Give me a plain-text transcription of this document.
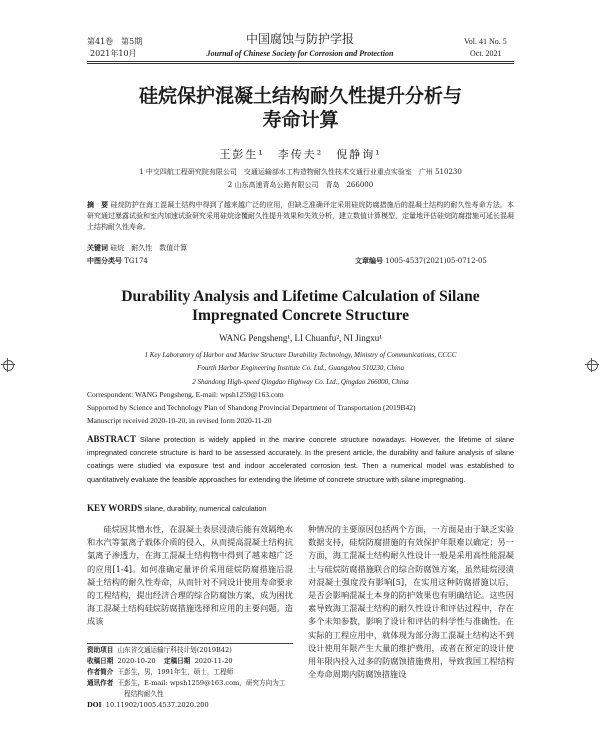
第41卷　第5期
2021年10月
中国腐蚀与防护学报
Journal of Chinese Society for Corrosion and Protection
Vol. 41 No. 5
Oct. 2021
硅烷保护混凝土结构耐久性提升分析与
寿命计算
王彭生¹　李传夫²　倪静询¹
1 中交四航工程研究院有限公司　交通运输部水工构造物耐久性技术交通行业重点实验室　广州 510230
2 山东高速青岛公路有限公司　青岛　266000
摘　要 硅烷防护在海工混凝土结构中得到了越来越广泛的应用，但缺乏准确评定采用硅烷防腐措施后的混凝土结构的耐久性寿命方法。本研究通过暴露试验和室内加速试验研究采用硅烷涂覆耐久性提升效果和失效分析，建立数值计算模型，定量地评估硅烷防腐措施可延长混凝土结构耐久性寿命。
关键词 硅烷　耐久性　数值计算
中图分类号 TG174	文章编号 1005-4537(2021)05-0712-05
Durability Analysis and Lifetime Calculation of Silane
Impregnated Concrete Structure
WANG Pengsheng¹, LI Chuanfu², NI Jingxu¹
1 Key Laboratory of Harbor and Marine Structure Durability Technology, Ministry of Communications, CCCC
Fourth Harbor Engineering Institute Co. Ltd., Guangzhou 510230, China
2 Shandong High-speed Qingdao Highway Co. Ltd., Qingdao 266000, China
Correspondent: WANG Pengsheng, E-mail: wpsh1259@163.com
Supported by Science and Technology Plan of Shandong Provincial Department of Transportation (2019B42)
Manuscript received 2020-10-20, in revised form 2020-11-20
ABSTRACT Silane protection is widely applied in the marine concrete structure nowadays. However, the lifetime of silane impregnated concrete structure is hard to be assessed accurately. In the present article, the durability and failure analysis of silane coatings were studied via exposure test and indoor accelerated corrosion test. Then a numerical model was established to quantitatively evaluate the feasible approaches for extending the lifetime of concrete structure with silane impregnating.
KEY WORDS silane, durability, numerical calculation
硅烷因其憎水性，在混凝土表层浸渍后能有效隔绝水和水汽等氯离子载体介质的侵入，从而提高混凝土结构抗氯离子渗透力，在海工混凝土结构物中得到了越来越广泛的应用[1-4]。如何准确定量评价采用硅烷防腐措施后混凝土结构的耐久性寿命，从而针对不同设计使用寿命要求的工程结构，提出经济合理的综合防腐蚀方案，成为困扰海工混凝土结构硅烷防腐措施选择和应用的主要问题。造成该
种情况的主要原因包括两个方面，一方面是由于缺乏实验数据支持，硅烷防腐措施的有效保护年限难以确定；另一方面，海工混凝土结构耐久性设计一般是采用高性能混凝土与硅烷防腐措施联合的综合防腐蚀方案，虽然硅烷浸渍对混凝土强度没有影响[5]，在实用这种防腐措施以后，是否会影响混凝土本身的防护效果也有明确结论。这些因素导致海工混凝土结构的耐久性设计和评估过程中，存在多个未知参数，影响了设计和评估的科学性与准确性。在实际的工程应用中，就体现为部分海工混凝土结构达不到设计使用年限产生大量的维护费用，或者在预定的设计使用年限内投入过多的防腐蚀措施费用，导致我国工程结构全寿命周期内防腐蚀措施设
资助项目 山东省交通运输厅科技计划(2019B42)
收稿日期 2020-10-20 定稿日期 2020-11-20
作者简介 王彭生，男，1991年生，硕士，工程师
通讯作者 王彭生，E-mail: wpsh1259@163.com，研究方向为工
程结构耐久性
DOI 10.11902/1005.4537.2020.200
